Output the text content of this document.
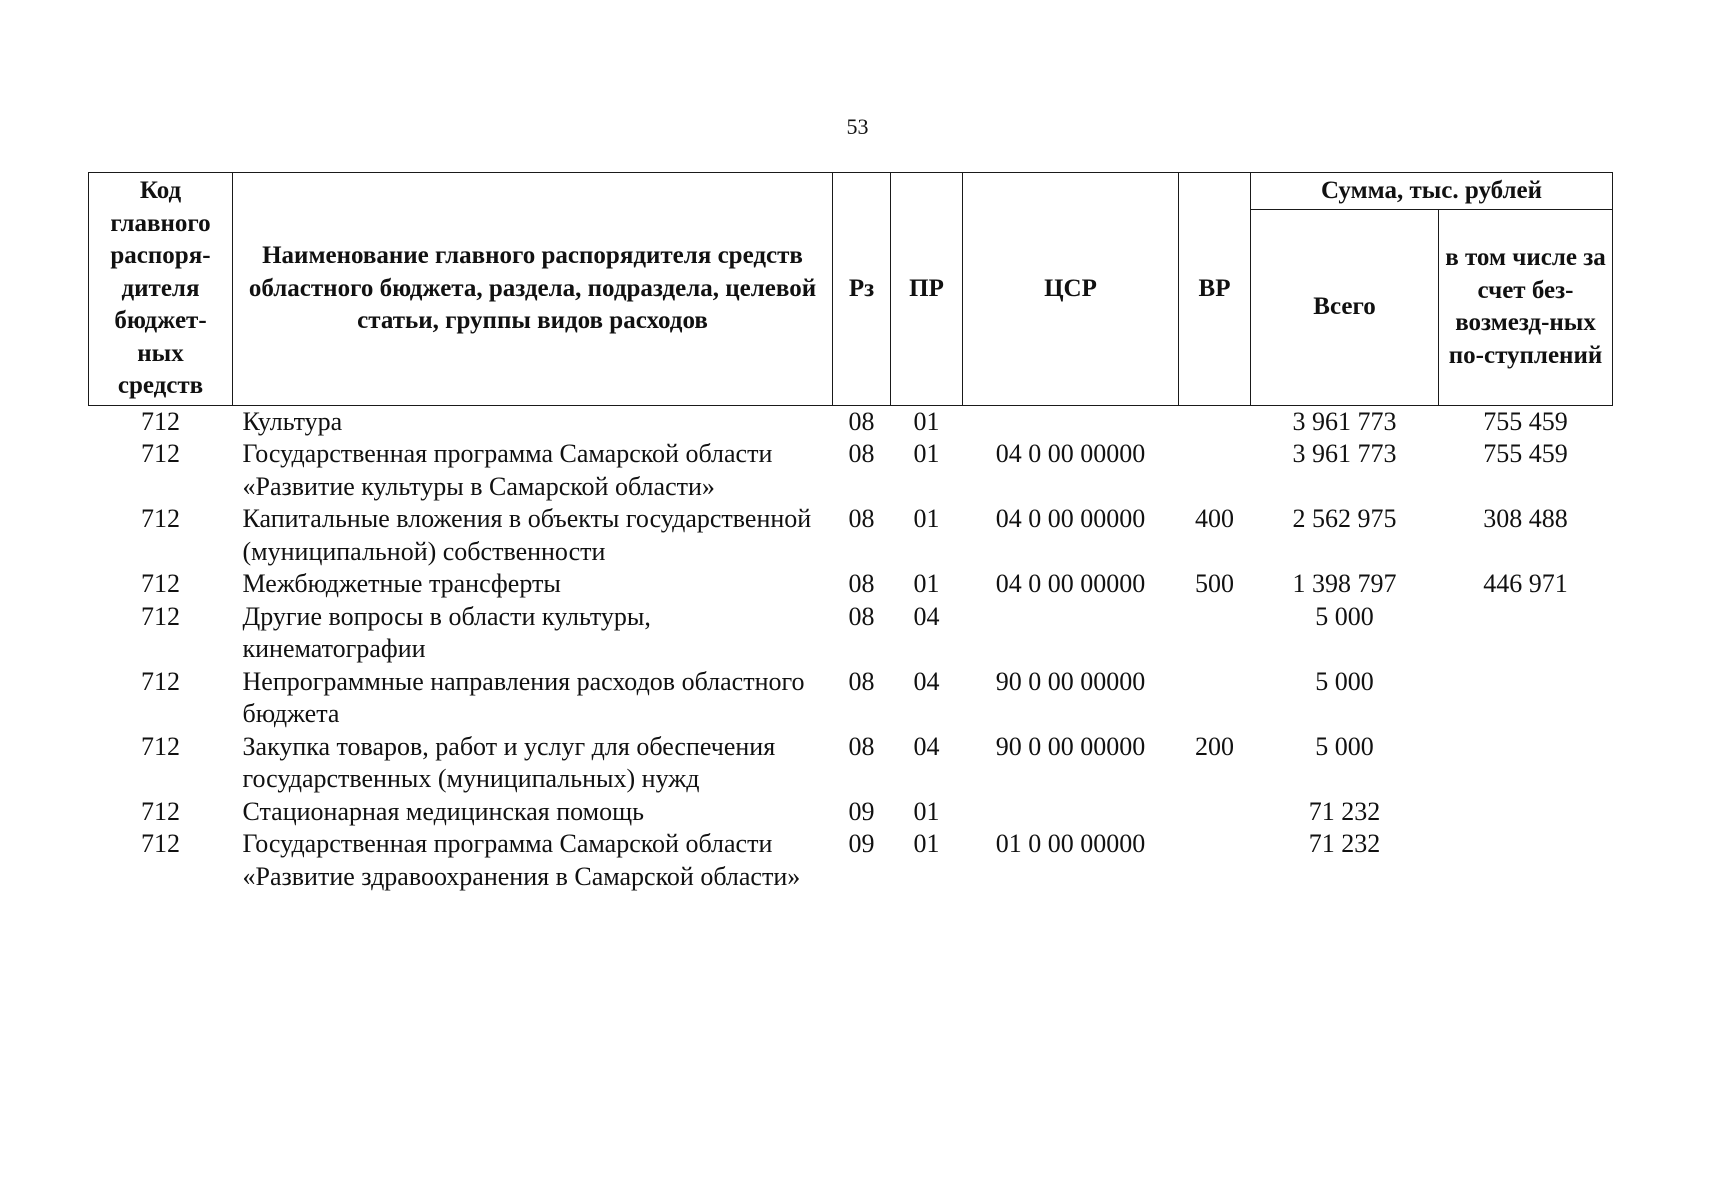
53
Код главного распоря-дителя бюджет-ных средств	Наименование главного распорядителя средств областного бюджета, раздела, подраздела, целевой статьи, группы видов расходов	Рз	ПР	ЦСР	ВР	Сумма, тыс. рублей	
						Всего	в том числе за счет без-возмезд-ных по-ступлений
712	Культура	08	01			3 961 773	755 459
712	Государственная программа Самарской области «Развитие культуры в Самарской области»	08	01	04 0 00 00000		3 961 773	755 459
712	Капитальные вложения в объекты государственной (муниципальной) собственности	08	01	04 0 00 00000	400	2 562 975	308 488
712	Межбюджетные трансферты	08	01	04 0 00 00000	500	1 398 797	446 971
712	Другие вопросы в области культуры, кинематографии	08	04			5 000	
712	Непрограммные направления расходов областного бюджета	08	04	90 0 00 00000		5 000	
712	Закупка товаров, работ и услуг для обеспечения государственных (муниципальных) нужд	08	04	90 0 00 00000	200	5 000	
712	Стационарная медицинская помощь	09	01			71 232	
712	Государственная программа Самарской области «Развитие здравоохранения в Самарской области»	09	01	01 0 00 00000		71 232	
